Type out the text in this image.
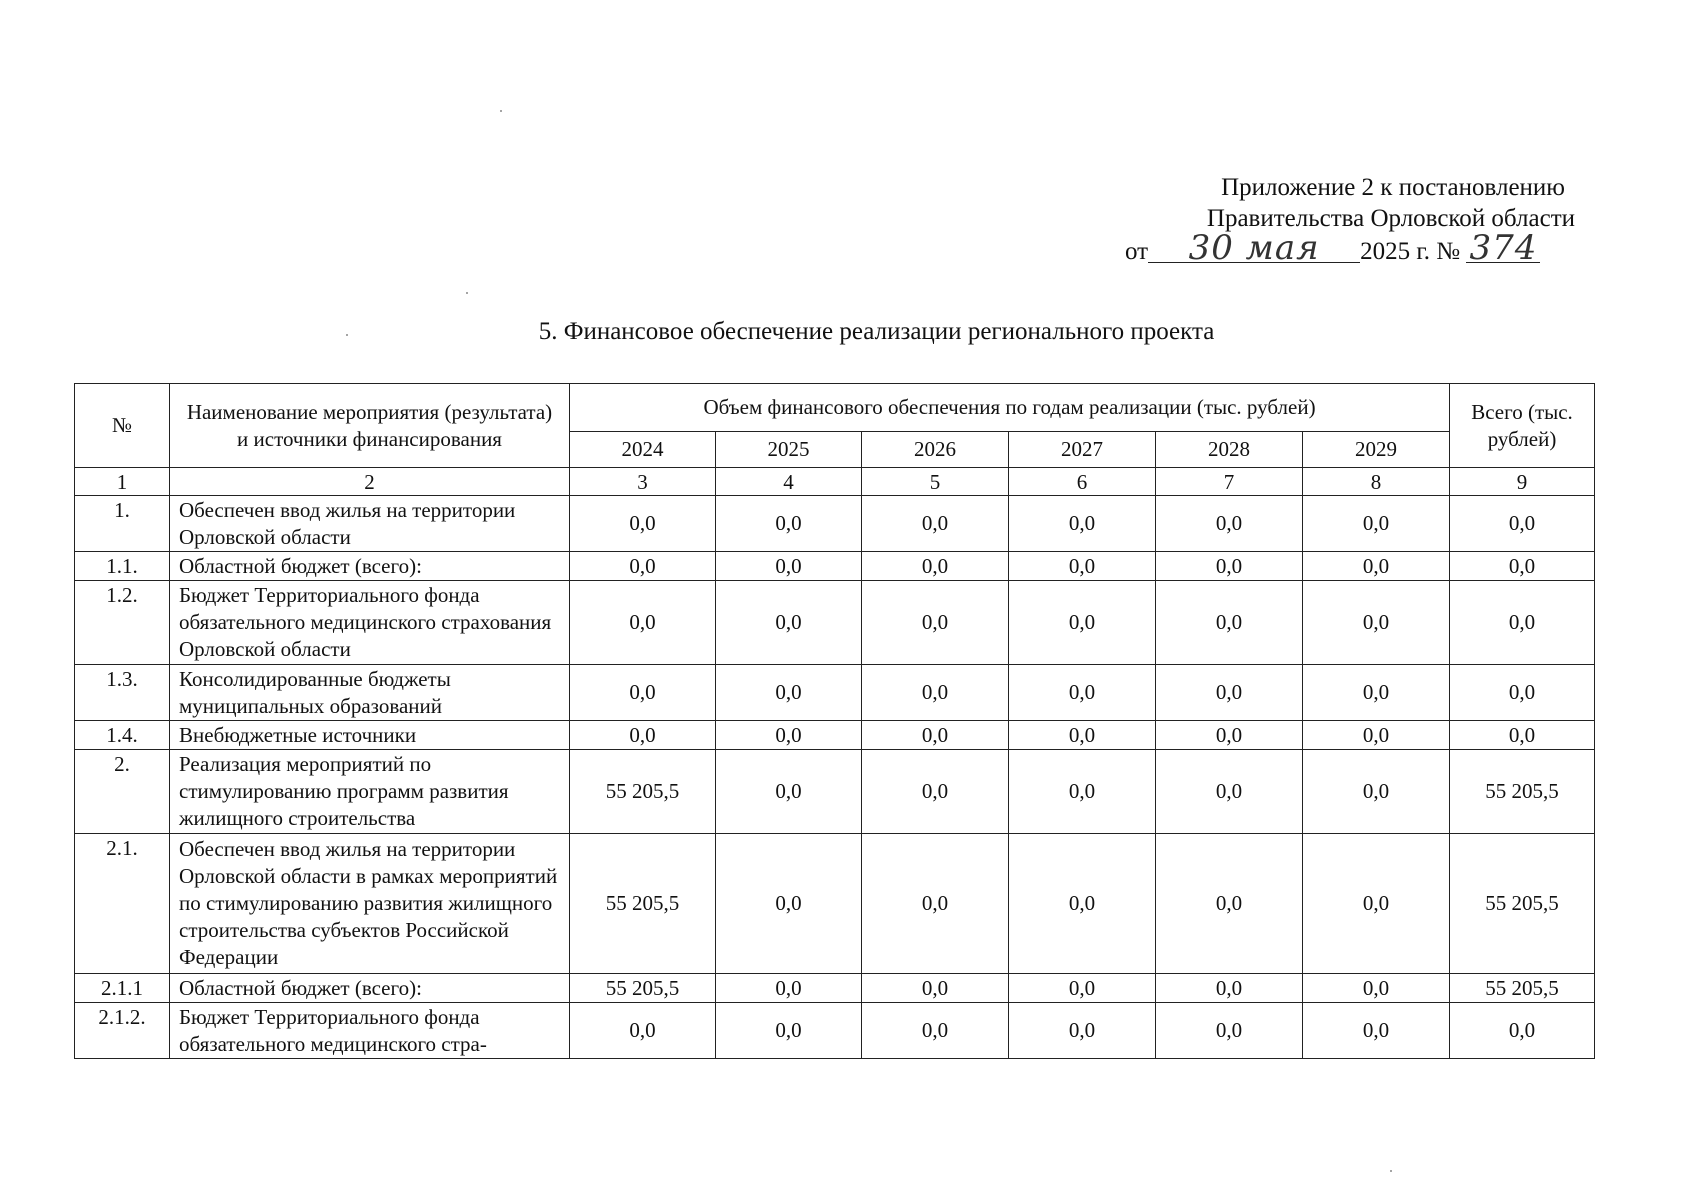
Приложение 2 к постановлению
Правительства Орловской области
от 30 мая 2025 г. № 374
5. Финансовое обеспечение реализации регионального проекта
№	Наименование мероприятия (результата) и источники финансирования	Объем финансового обеспечения по годам реализации (тыс. рублей)						Всего (тыс. рублей)
		2024	2025	2026	2027	2028	2029	
1	2	3	4	5	6	7	8	9
1.	Обеспечен ввод жилья на территории Орловской области	0,0	0,0	0,0	0,0	0,0	0,0	0,0
1.1.	Областной бюджет (всего):	0,0	0,0	0,0	0,0	0,0	0,0	0,0
1.2.	Бюджет Территориального фонда обязательного медицинского страхования Орловской области	0,0	0,0	0,0	0,0	0,0	0,0	0,0
1.3.	Консолидированные бюджеты муниципальных образований	0,0	0,0	0,0	0,0	0,0	0,0	0,0
1.4.	Внебюджетные источники	0,0	0,0	0,0	0,0	0,0	0,0	0,0
2.	Реализация мероприятий по стимулированию программ развития жилищного строительства	55 205,5	0,0	0,0	0,0	0,0	0,0	55 205,5
2.1.	Обеспечен ввод жилья на территории Орловской области в рамках мероприятий по стимулированию развития жилищного строительства субъектов Российской Федерации	55 205,5	0,0	0,0	0,0	0,0	0,0	55 205,5
2.1.1	Областной бюджет (всего):	55 205,5	0,0	0,0	0,0	0,0	0,0	55 205,5
2.1.2.	Бюджет Территориального фонда обязательного медицинского стра-	0,0	0,0	0,0	0,0	0,0	0,0	0,0
